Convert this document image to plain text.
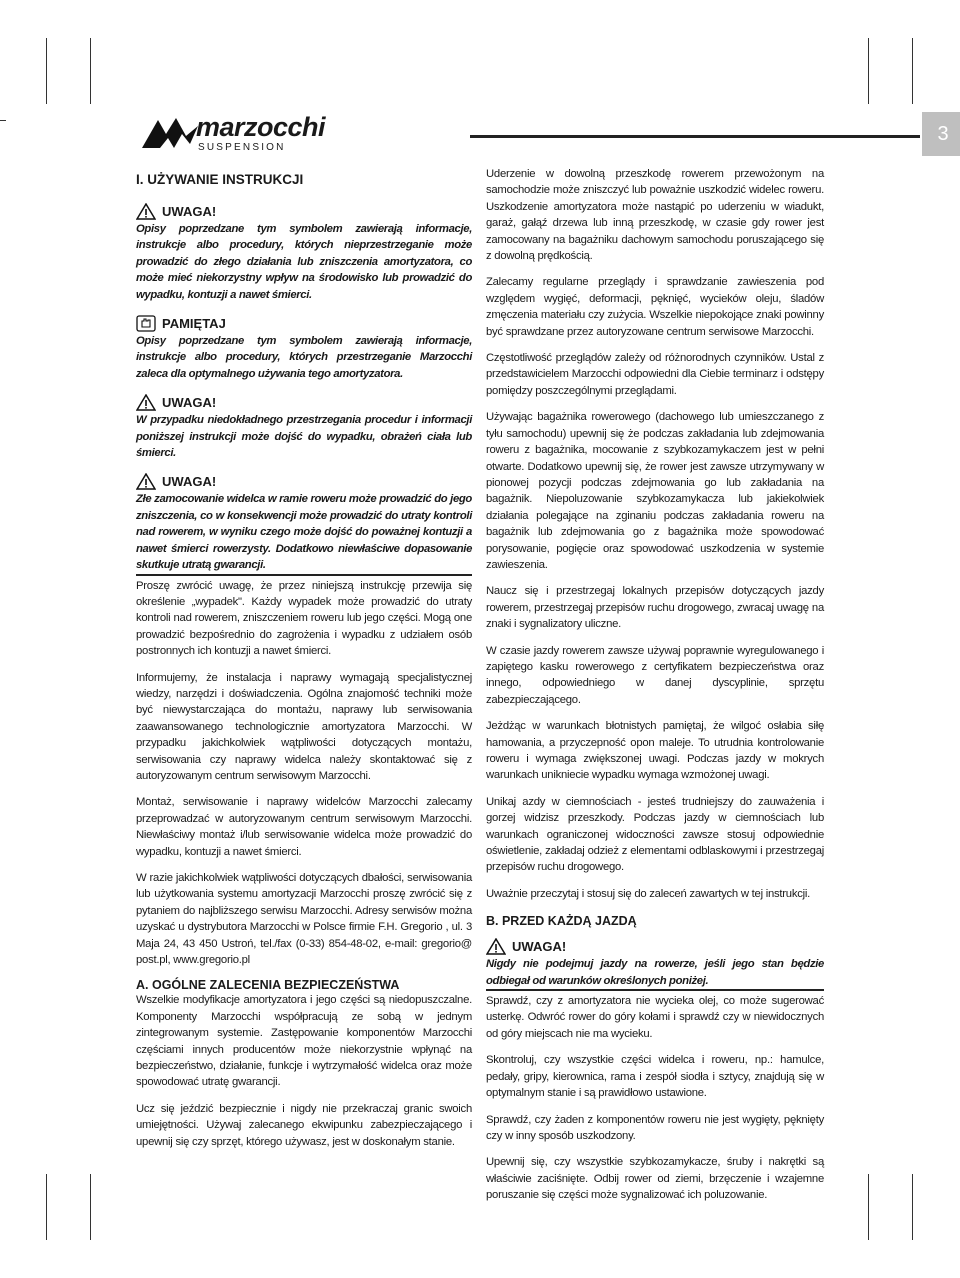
marzocchi
SUSPENSION
3
I. UŻYWANIE INSTRUKCJI
UWAGA!
Opisy poprzedzane tym symbolem zawierają informacje, instrukcje albo procedury, których nieprzestrzeganie może prowadzić do złego działania lub zniszczenia amortyzatora, co może mieć niekorzystny wpływ na środowisko lub prowadzić do wypadku, kontuzji a nawet śmierci.
PAMIĘTAJ
Opisy poprzedzane tym symbolem zawierają informacje, instrukcje albo procedury, których przestrzeganie Marzocchi zaleca dla optymalnego używania tego amortyzatora.
UWAGA!
W przypadku niedokładnego przestrzegania procedur i informacji poniższej instrukcji może dojść do wypadku, obrażeń ciała lub śmierci.
UWAGA!
Złe zamocowanie widelca w ramie roweru może prowadzić do jego zniszczenia, co w konsekwencji może prowadzić do utraty kontroli nad rowerem, w wyniku czego może dojść do poważnej kontuzji a nawet śmierci rowerzysty. Dodatkowo niewłaściwe dopasowanie skutkuje utratą gwarancji.

Proszę zwrócić uwagę, że przez niniejszą instrukcję przewija się określenie „wypadek". Każdy wypadek może prowadzić do utraty kontroli nad rowerem, zniszczeniem roweru lub jego części. Mogą one prowadzić bezpośrednio do zagrożenia i wypadku z udziałem osób postronnych ich kontuzji a nawet śmierci.

Informujemy, że instalacja i naprawy wymagają specjalistycznej wiedzy, narzędzi i doświadczenia. Ogólna znajomość techniki może być niewystarczająca do montażu, naprawy lub serwisowania zaawansowanego technologicznie amortyzatora Marzocchi. W przypadku jakichkolwiek wątpliwości dotyczących montażu, serwisowania czy naprawy widelca należy skontaktować się z autoryzowanym centrum serwisowym Marzocchi.

Montaż, serwisowanie i naprawy widelców Marzocchi zalecamy przeprowadzać w autoryzowanym centrum serwisowym Marzocchi. Niewłaściwy montaż i/lub serwisowanie widelca może prowadzić do wypadku, kontuzji a nawet śmierci.

W razie jakichkolwiek wątpliwości dotyczących dbałości, serwisowania lub użytkowania systemu amortyzacji Marzocchi proszę zwrócić się z pytaniem do najbliższego serwisu Marzocchi. Adresy serwisów można uzyskać u dystrybutora Marzocchi w Polsce firmie F.H. Gregorio , ul. 3 Maja 24, 43 450 Ustroń, tel./fax (0-33) 854-48-02, e-mail: gregorio@ post.pl, www.gregorio.pl

A. OGÓLNE ZALECENIA BEZPIECZEŃSTWA

Wszelkie modyfikacje amortyzatora i jego części są niedopuszczalne. Komponenty Marzocchi współpracują ze sobą w jednym zintegrowanym systemie. Zastępowanie komponentów Marzocchi częściami innych producentów może niekorzystnie wpłynąć na bezpieczeństwo, działanie, funkcje i wytrzymałość widelca oraz może spowodować utratę gwarancji.

Ucz się jeździć bezpiecznie i nigdy nie przekraczaj granic swoich umiejętności. Używaj zalecanego ekwipunku zabezpieczającego i upewnij się czy sprzęt, którego używasz, jest w doskonałym stanie.

Uderzenie w dowolną przeszkodę rowerem przewożonym na samochodzie może zniszczyć lub poważnie uszkodzić widelec roweru. Uszkodzenie amortyzatora może nastąpić po uderzeniu w wiadukt, garaż, gałąź drzewa lub inną przeszkodę, w czasie gdy rower jest zamocowany na bagażniku dachowym samochodu poruszającego się z dowolną prędkością.

Zalecamy regularne przeglądy i sprawdzanie zawieszenia pod względem wygięć, deformacji, pęknięć, wycieków oleju, śladów zmęczenia materiału czy zużycia. Wszelkie niepokojące znaki powinny być sprawdzane przez autoryzowane centrum serwisowe Marzocchi.

Częstotliwość przeglądów zależy od różnorodnych czynników. Ustal z przedstawicielem Marzocchi odpowiedni dla Ciebie terminarz i odstępy pomiędzy poszczególnymi przeglądami.

Używając bagażnika rowerowego (dachowego lub umieszczanego z tyłu samochodu) upewnij się że podczas zakładania lub zdejmowania roweru z bagażnika, mocowanie z szybkozamykaczem jest w pełni otwarte. Dodatkowo upewnij się, że rower jest zawsze utrzymywany w pionowej pozycji podczas zdejmowania go lub zakładania na bagażnik. Niepoluzowanie szybkozamykacza lub jakiekolwiek działania polegające na zginaniu podczas zakładania roweru na bagażnik lub zdejmowania go z bagażnika może spowodować porysowanie, pogięcie oraz spowodować uszkodzenia w systemie zawieszenia.

Naucz się i przestrzegaj lokalnych przepisów dotyczących jazdy rowerem, przestrzegaj przepisów ruchu drogowego, zwracaj uwagę na znaki i sygnalizatory uliczne.

W czasie jazdy rowerem zawsze używaj poprawnie wyregulowanego i zapiętego kasku rowerowego z certyfikatem bezpieczeństwa oraz innego, odpowiedniego w danej dyscyplinie, sprzętu zabezpieczającego.

Jeżdżąc w warunkach błotnistych pamiętaj, że wilgoć osłabia siłę hamowania, a przyczepność opon maleje. To utrudnia kontrolowanie roweru i wymaga zwiększonej uwagi. Podczas jazdy w mokrych warunkach unikniecie wypadku wymaga wzmożonej uwagi.

Unikaj azdy w ciemnościach - jesteś trudniejszy do zauważenia i gorzej widzisz przeszkody. Podczas jazdy w ciemnościach lub warunkach ograniczonej widoczności zawsze stosuj odpowiednie oświetlenie, zakładaj odzież z elementami odblaskowymi i przestrzegaj przepisów ruchu drogowego.

Uważnie przeczytaj i stosuj się do zaleceń zawartych w tej instrukcji.

B. PRZED KAŻDĄ JAZDĄ
UWAGA!
Nigdy nie podejmuj jazdy na rowerze, jeśli jego stan będzie odbiegał od warunków określonych poniżej.

Sprawdź, czy z amortyzatora nie wycieka olej, co może sugerować usterkę. Odwróć rower do góry kołami i sprawdź czy w niewidocznych od góry miejscach nie ma wycieku.

Skontroluj, czy wszystkie części widelca i roweru, np.: hamulce, pedały, gripy, kierownica, rama i zespół siodła i sztycy, znajdują się w optymalnym stanie i są prawidłowo ustawione.

Sprawdź, czy żaden z komponentów roweru nie jest wygięty, pęknięty czy w inny sposób uszkodzony.

Upewnij się, czy wszystkie szybkozamykacze, śruby i nakrętki są właściwie zaciśnięte. Odbij rower od ziemi, brzęczenie i wzajemne poruszanie się części może sygnalizować ich poluzowanie.
